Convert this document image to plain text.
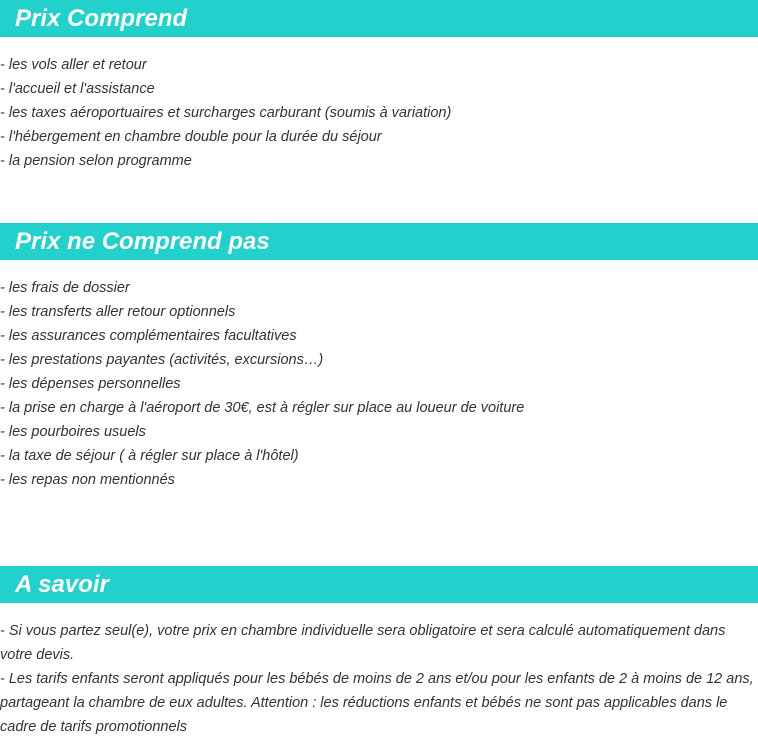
Prix Comprend
- les vols aller et retour
- l'accueil et l'assistance
- les taxes aéroportuaires et surcharges carburant (soumis à variation)
- l'hébergement en chambre double pour la durée du séjour
- la pension selon programme
Prix ne Comprend pas
- les frais de dossier
- les transferts aller retour optionnels
- les assurances complémentaires facultatives
- les prestations payantes (activités, excursions…)
- les dépenses personnelles
- la prise en charge à l'aéroport de 30€, est à régler sur place au loueur de voiture
- les pourboires usuels
- la taxe de séjour ( à régler sur place à l'hôtel)
- les repas non mentionnés
A savoir

- Si vous partez seul(e), votre prix en chambre individuelle sera obligatoire et sera calculé automatiquement dans votre devis.

- Les tarifs enfants seront appliqués pour les bébés de moins de 2 ans et/ou pour les enfants de 2 à moins de 12 ans, partageant la chambre de eux adultes. Attention : les réductions enfants et bébés ne sont pas applicables dans le cadre de tarifs promotionnels
